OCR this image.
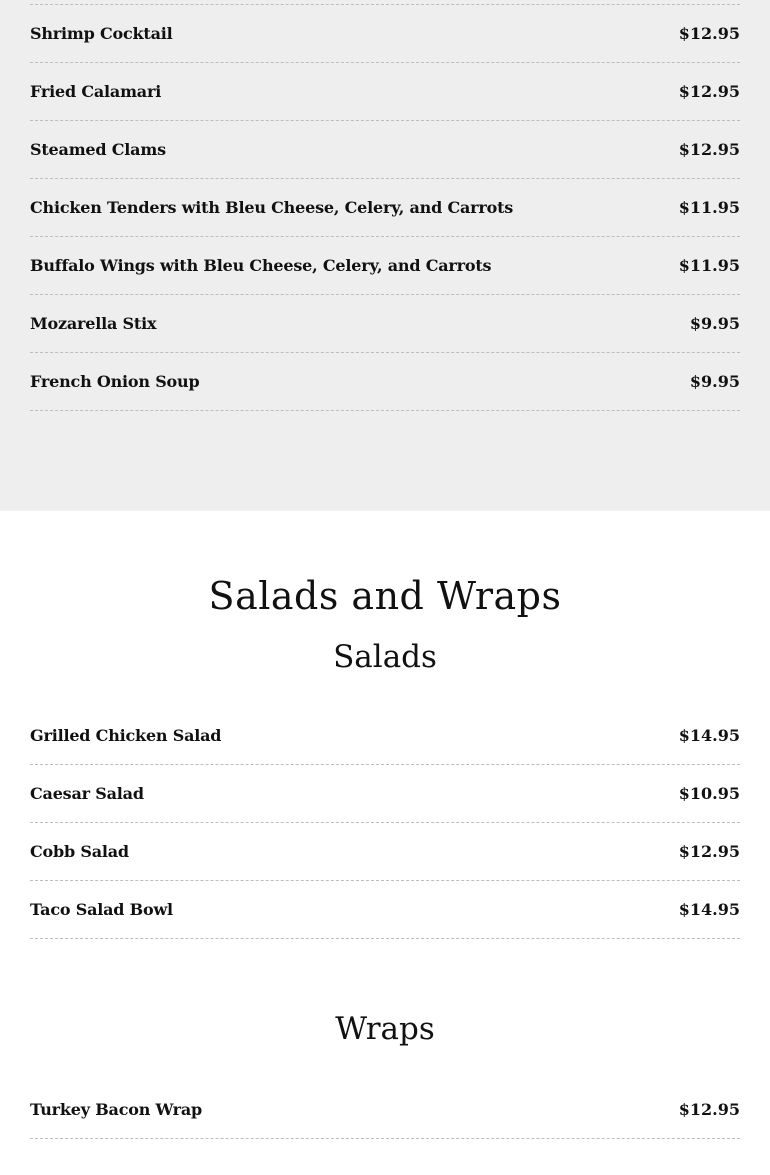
Shrimp Cocktail	$12.95
Fried Calamari	$12.95
Steamed Clams	$12.95
Chicken Tenders with Bleu Cheese, Celery, and Carrots	$11.95
Buffalo Wings with Bleu Cheese, Celery, and Carrots	$11.95
Mozarella Stix	$9.95
French Onion Soup	$9.95
Salads and Wraps
Salads
Grilled Chicken Salad	$14.95
Caesar Salad	$10.95
Cobb Salad	$12.95
Taco Salad Bowl	$14.95
Wraps
Turkey Bacon Wrap	$12.95
